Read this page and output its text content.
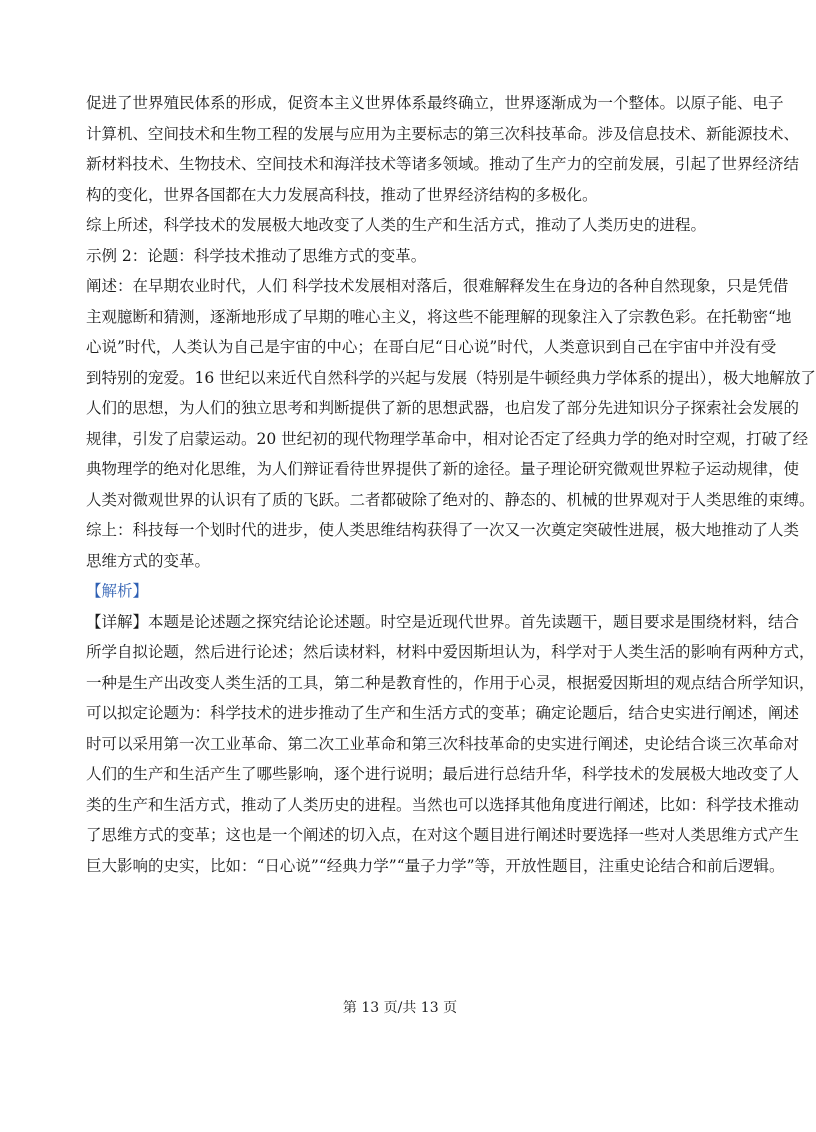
促进了世界殖民体系的形成，促资本主义世界体系最终确立，世界逐渐成为一个整体。以原子能、电子
计算机、空间技术和生物工程的发展与应用为主要标志的第三次科技革命。涉及信息技术、新能源技术、
新材料技术、生物技术、空间技术和海洋技术等诸多领域。推动了生产力的空前发展，引起了世界经济结
构的变化，世界各国都在大力发展高科技，推动了世界经济结构的多极化。
综上所述，科学技术的发展极大地改变了人类的生产和生活方式，推动了人类历史的进程。
示例 2：论题：科学技术推动了思维方式的变革。
阐述：在早期农业时代，人们 科学技术发展相对落后，很难解释发生在身边的各种自然现象，只是凭借
主观臆断和猜测，逐渐地形成了早期的唯心主义，将这些不能理解的现象注入了宗教色彩。在托勒密“地
心说”时代，人类认为自己是宇宙的中心；在哥白尼“日心说”时代，人类意识到自己在宇宙中并没有受
到特别的宠爱。16 世纪以来近代自然科学的兴起与发展（特别是牛顿经典力学体系的提出），极大地解放了
人们的思想，为人们的独立思考和判断提供了新的思想武器，也启发了部分先进知识分子探索社会发展的
规律，引发了启蒙运动。20 世纪初的现代物理学革命中，相对论否定了经典力学的绝对时空观，打破了经
典物理学的绝对化思维，为人们辩证看待世界提供了新的途径。量子理论研究微观世界粒子运动规律，使
人类对微观世界的认识有了质的飞跃。二者都破除了绝对的、静态的、机械的世界观对于人类思维的束缚。
综上：科技每一个划时代的进步，使人类思维结构获得了一次又一次奠定突破性进展，极大地推动了人类
思维方式的变革。
【解析】
【详解】本题是论述题之探究结论论述题。时空是近现代世界。首先读题干，题目要求是围绕材料，结合
所学自拟论题，然后进行论述；然后读材料，材料中爱因斯坦认为，科学对于人类生活的影响有两种方式，
一种是生产出改变人类生活的工具，第二种是教育性的，作用于心灵，根据爱因斯坦的观点结合所学知识，
可以拟定论题为：科学技术的进步推动了生产和生活方式的变革；确定论题后，结合史实进行阐述，阐述
时可以采用第一次工业革命、第二次工业革命和第三次科技革命的史实进行阐述，史论结合谈三次革命对
人们的生产和生活产生了哪些影响，逐个进行说明；最后进行总结升华，科学技术的发展极大地改变了人
类的生产和生活方式，推动了人类历史的进程。当然也可以选择其他角度进行阐述，比如：科学技术推动
了思维方式的变革；这也是一个阐述的切入点，在对这个题目进行阐述时要选择一些对人类思维方式产生
巨大影响的史实，比如：“日心说”“经典力学”“量子力学”等，开放性题目，注重史论结合和前后逻辑。
第 13 页/共 13 页
